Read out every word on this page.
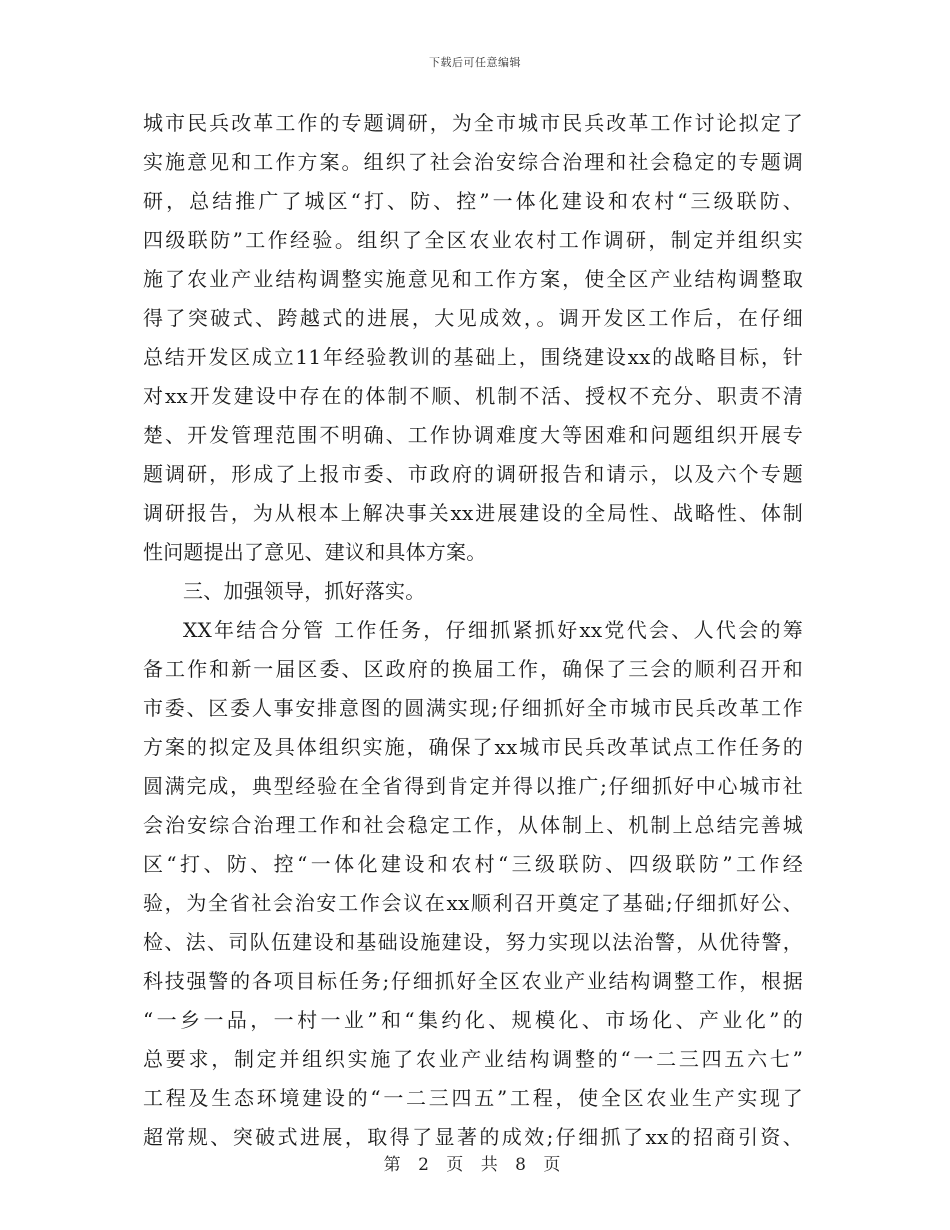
下载后可任意编辑
城市民兵改革工作的专题调研，为全市城市民兵改革工作讨论拟定了
实施意见和工作方案。组织了社会治安综合治理和社会稳定的专题调
研，总结推广了城区“打、防、控”一体化建设和农村“三级联防、
四级联防”工作经验。组织了全区农业农村工作调研，制定并组织实
施了农业产业结构调整实施意见和工作方案，使全区产业结构调整取
得了突破式、跨越式的进展，大见成效，。调开发区工作后，在仔细
总结开发区成立11年经验教训的基础上，围绕建设xx的战略目标，针
对xx开发建设中存在的体制不顺、机制不活、授权不充分、职责不清
楚、开发管理范围不明确、工作协调难度大等困难和问题组织开展专
题调研，形成了上报市委、市政府的调研报告和请示，以及六个专题
调研报告，为从根本上解决事关xx进展建设的全局性、战略性、体制
性问题提出了意见、建议和具体方案。
三、加强领导，抓好落实。
XX年结合分管 工作任务，仔细抓紧抓好xx党代会、人代会的筹
备工作和新一届区委、区政府的换届工作，确保了三会的顺利召开和
市委、区委人事安排意图的圆满实现;仔细抓好全市城市民兵改革工作
方案的拟定及具体组织实施，确保了xx城市民兵改革试点工作任务的
圆满完成，典型经验在全省得到肯定并得以推广;仔细抓好中心城市社
会治安综合治理工作和社会稳定工作，从体制上、机制上总结完善城
区“打、防、控“一体化建设和农村“三级联防、四级联防”工作经
验，为全省社会治安工作会议在xx顺利召开奠定了基础;仔细抓好公、
检、法、司队伍建设和基础设施建设，努力实现以法治警，从优待警，
科技强警的各项目标任务;仔细抓好全区农业产业结构调整工作，根据
“一乡一品，一村一业”和“集约化、规模化、市场化、产业化”的
总要求，制定并组织实施了农业产业结构调整的“一二三四五六七”
工程及生态环境建设的“一二三四五”工程，使全区农业生产实现了
超常规、突破式进展，取得了显著的成效;仔细抓了xx的招商引资、
第 2 页 共 8 页
